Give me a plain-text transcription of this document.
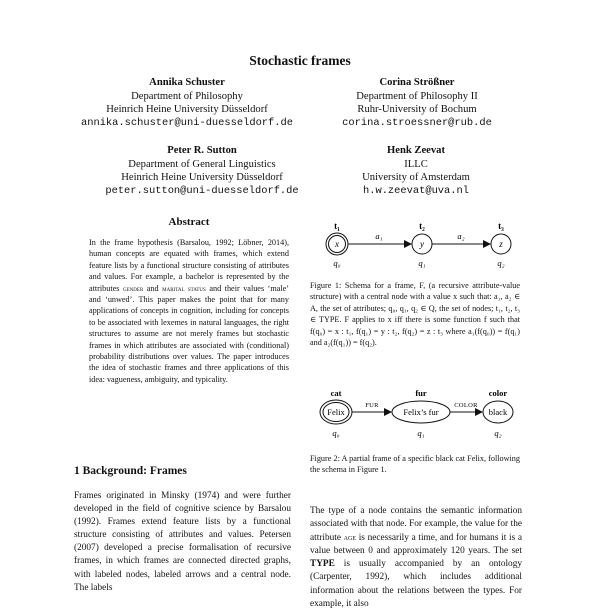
Stochastic frames
Annika Schuster
Department of Philosophy
Heinrich Heine University Düsseldorf
annika.schuster@uni-duesseldorf.de
Corina Strößner
Department of Philosophy II
Ruhr-University of Bochum
corina.stroessner@rub.de
Peter R. Sutton
Department of General Linguistics
Heinrich Heine University Düsseldorf
peter.sutton@uni-duesseldorf.de
Henk Zeevat
ILLC
University of Amsterdam
h.w.zeevat@uva.nl
Abstract
In the frame hypothesis (Barsalou, 1992; Löbner, 2014), human concepts are equated with frames, which extend feature lists by a functional structure consisting of attributes and values. For example, a bachelor is represented by the attributes gender and marital status and their values ‘male’ and ‘unwed’. This paper makes the point that for many applications of concepts in cognition, including for concepts to be associated with lexemes in natural languages, the right structures to assume are not merely frames but stochastic frames in which attributes are associated with (conditional) probability distributions over values. The paper introduces the idea of stochastic frames and three applications of this idea: vagueness, ambiguity, and typicality.
1 Background: Frames
Frames originated in Minsky (1974) and were further developed in the field of cognitive science by Barsalou (1992). Frames extend feature lists by a functional structure consisting of attributes and values. Petersen (2007) developed a precise formalisation of recursive frames, in which frames are connected directed graphs, with labeled nodes, labeled arrows and a central node. The labels
t₁	t₂	t₃
x	y	z
a₁	a₂
q₀	q₁	q₂
Figure 1: Schema for a frame, F, (a recursive attribute-value structure) with a central node with a value x such that: a₁, a₂ ∈ A, the set of attributes; q₀, q₁, q₂ ∈ Q, the set of nodes; t₁, t₂, t₃ ∈ TYPE. F applies to x iff there is some function f such that f(q₀) = x : t₁, f(q₁) = y : t₂, f(q₂) = z : t₃ where a₁(f(q₀)) = f(q₁) and a₂(f(q₁)) = f(q₂).
cat	fur	color
Felix	Felix’s fur	black
FUR	COLOR
q₀	q₁	q₂
Figure 2: A partial frame of a specific black cat Felix, following the schema in Figure 1.
The type of a node contains the semantic information associated with that node. For example, the value for the attribute age is necessarily a time, and for humans it is a value between 0 and approximately 120 years. The set TYPE is usually accompanied by an ontology (Carpenter, 1992), which includes additional information about the relations between the types. For example, it also
